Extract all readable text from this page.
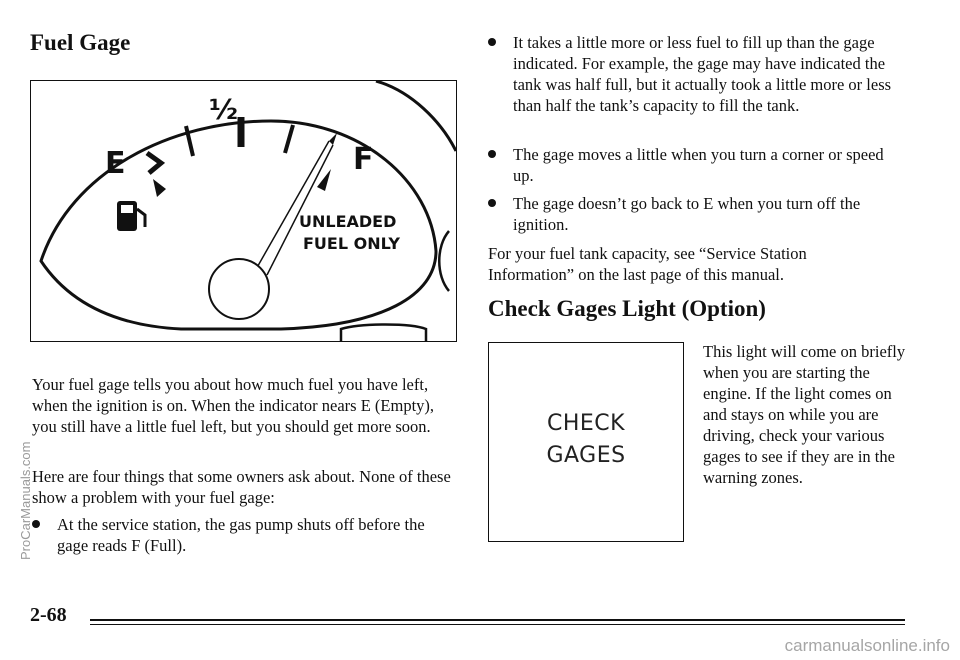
Fuel Gage
½
E	F
UNLEADED
FUEL ONLY

Your fuel gage tells you about how much fuel you have left, when the ignition is on. When the indicator nears E (Empty), you still have a little fuel left, but you should get more soon.

Here are four things that some owners ask about. None of these show a problem with your fuel gage:

At the service station, the gas pump shuts off before the gage reads F (Full).
It takes a little more or less fuel to fill up than the gage indicated. For example, the gage may have indicated the tank was half full, but it actually took a little more or less than half the tank’s capacity to fill the tank.
The gage moves a little when you turn a corner or speed up.
The gage doesn’t go back to E when you turn off the ignition.

For your fuel tank capacity, see “Service Station Information” on the last page of this manual.

Check Gages Light (Option)
CHECK
GAGES

This light will come on briefly when you are starting the engine. If the light comes on and stays on while you are driving, check your various gages to see if they are in the warning zones.

2-68
ProCarManuals.com
carmanualsonline.info
